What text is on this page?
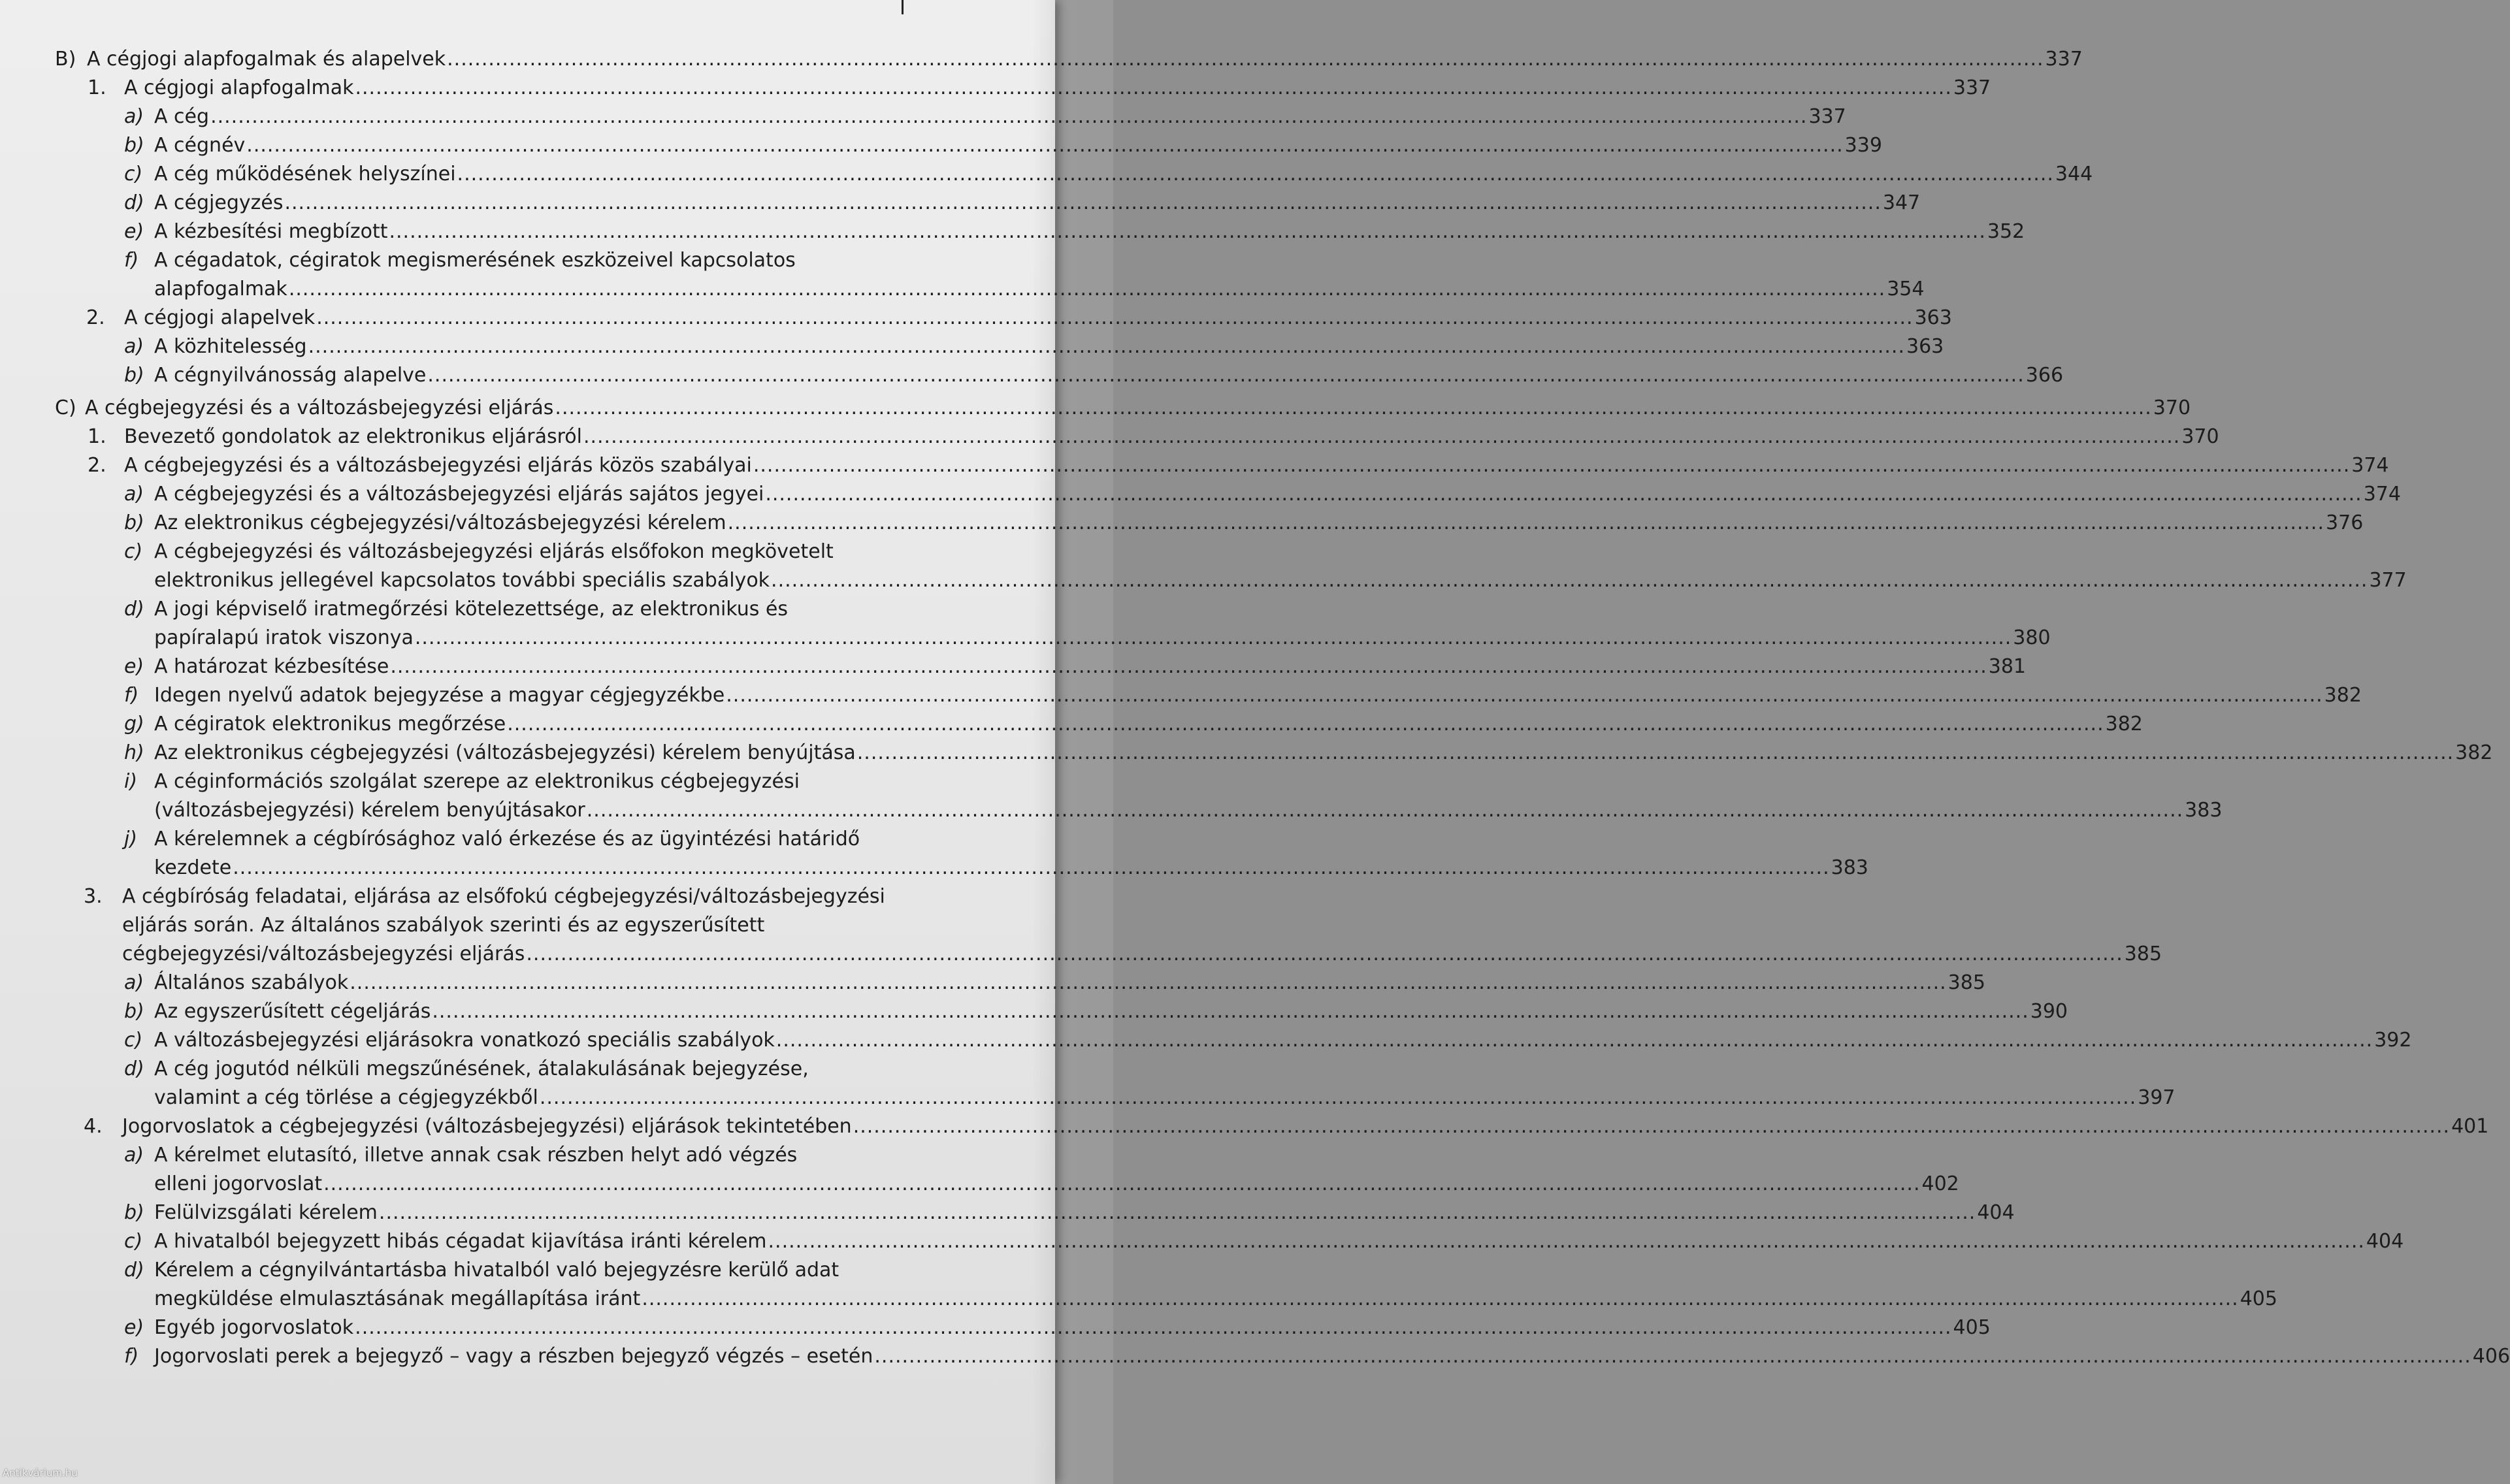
B) A cégjogi alapfogalmak és alapelvek .....	337
1. A cégjogi alapfogalmak .....	337
a) A cég .....	337
b) A cégnév .....	339
c) A cég működésének helyszínei .....	344
d) A cégjegyzés .....	347
e) A kézbesítési megbízott .....	352
f) A cégadatok, cégiratok megismerésének eszközeivel kapcsolatos
alapfogalmak .....	354
2. A cégjogi alapelvek .....	363
a) A közhitelesség .....	363
b) A cégnyilvánosság alapelve .....	366
C) A cégbejegyzési és a változásbejegyzési eljárás .....	370
1. Bevezető gondolatok az elektronikus eljárásról .....	370
2. A cégbejegyzési és a változásbejegyzési eljárás közös szabályai .....	374
a) A cégbejegyzési és a változásbejegyzési eljárás sajátos jegyei .....	374
b) Az elektronikus cégbejegyzési/változásbejegyzési kérelem .....	376
c) A cégbejegyzési és változásbejegyzési eljárás elsőfokon megkövetelt
elektronikus jellegével kapcsolatos további speciális szabályok .....	377
d) A jogi képviselő iratmegőrzési kötelezettsége, az elektronikus és
papíralapú iratok viszonya .....	380
e) A határozat kézbesítése .....	381
f) Idegen nyelvű adatok bejegyzése a magyar cégjegyzékbe .....	382
g) A cégiratok elektronikus megőrzése .....	382
h) Az elektronikus cégbejegyzési (változásbejegyzési) kérelem benyújtása .....	382
i) A céginformációs szolgálat szerepe az elektronikus cégbejegyzési
(változásbejegyzési) kérelem benyújtásakor .....	383
j) A kérelemnek a cégbírósághoz való érkezése és az ügyintézési határidő
kezdete .....	383
3.	A cégbíróság feladatai, eljárása az elsőfokú cégbejegyzési/változásbejegyzési
eljárás során. Az általános szabályok szerinti és az egyszerűsített
cégbejegyzési/változásbejegyzési eljárás .....	385
a) Általános szabályok .....	385
b) Az egyszerűsített cégeljárás .....	390
c) A változásbejegyzési eljárásokra vonatkozó speciális szabályok .....	392
d) A cég jogutód nélküli megszűnésének, átalakulásának bejegyzése,
valamint a cég törlése a cégjegyzékből .....	397
4.	Jogorvoslatok a cégbejegyzési (változásbejegyzési) eljárások tekintetében .....	401
a) A kérelmet elutasító, illetve annak csak részben helyt adó végzés
elleni jogorvoslat .....	402
b) Felülvizsgálati kérelem .....	404
c) A hivatalból bejegyzett hibás cégadat kijavítása iránti kérelem .....	404
d) Kérelem a cégnyilvántartásba hivatalból való bejegyzésre kerülő adat
megküldése elmulasztásának megállapítása iránt .....	405
e) Egyéb jogorvoslatok .....	405
f) Jogorvoslati perek a bejegyző – vagy a részben bejegyző végzés – esetén .....	406
Antikvárium.hu
